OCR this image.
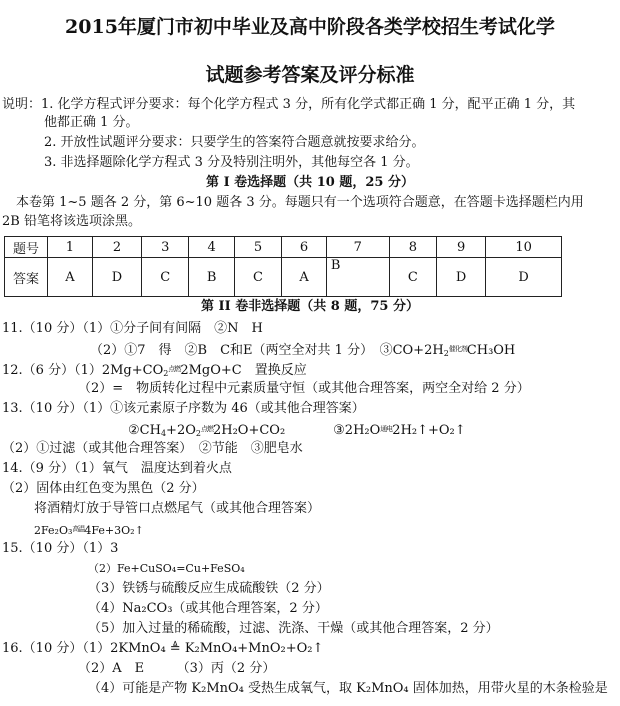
2015年厦门市初中毕业及高中阶段各类学校招生考试化学
试题参考答案及评分标准
说明：1. 化学方程式评分要求：每个化学方程式 3 分，所有化学式都正确 1 分，配平正确 1 分，其
他都正确 1 分。
2. 开放性试题评分要求：只要学生的答案符合题意就按要求给分。
3. 非选择题除化学方程式 3 分及特别注明外，其他每空各 1 分。
第 I 卷选择题（共 10 题，25 分）
本卷第 1~5 题各 2 分，第 6~10 题各 3 分。每题只有一个选项符合题意，在答题卡选择题栏内用
2B 铅笔将该选项涂黑。
题号	1	2	3	4	5	6	7	8	9	10
答案	A	D	C	B	C	A	B	C	D	D
第 II 卷非选择题（共 8 题，75 分）
11.（10 分）（1）①分子间有间隔　②N　H
（2）①7　得　②B　C和E（两空全对共 1 分）　$③CO+2H_2$催化剂CH₃OH
12.（6 分）$(1)2Mg+CO_2$点燃2MgO+C　置换反应
（2）=　物质转化过程中元素质量守恒（或其他合理答案，两空全对给 2 分）
13.（10 分）（1）①该元素原子序数为 46（或其他合理答案）
$②CH_4+2O_2$点燃2H₂O+CO₂	③2H₂O通电2H₂↑+O₂↑
（2）①过滤（或其他合理答案）　②节能　③肥皂水
14.（9 分）（1）氧气　温度达到着火点
（2）固体由红色变为黑色（2 分）
将酒精灯放于导管口点燃尾气（或其他合理答案）
2Fe₂O₃高温4Fe+3O₂↑
15.（10 分）（1）3
（2）Fe+CuSO₄=Cu+FeSO₄
（3）铁锈与硫酸反应生成硫酸铁（2 分）
（4）Na₂CO₃（或其他合理答案，2 分）
（5）加入过量的稀硫酸，过滤、洗涤、干燥（或其他合理答案，2 分）
16.（10 分）（1）2KMnO₄ ≜ K₂MnO₄+MnO₂+O₂↑
（2）A　E　　　（3）丙（2 分）
（4）可能是产物 K₂MnO₄ 受热生成氧气，取 K₂MnO₄ 固体加热，用带火星的木条检验是
